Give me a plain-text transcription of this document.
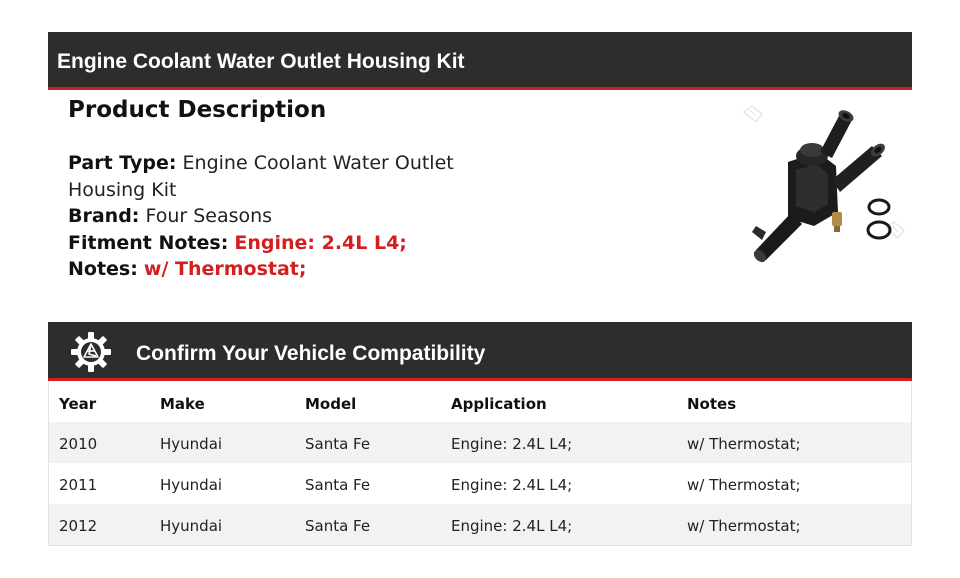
Engine Coolant Water Outlet Housing Kit
Product Description
Part Type: Engine Coolant Water Outlet
Housing Kit
Brand: Four Seasons
Fitment Notes: Engine: 2.4L L4;
Notes: w/ Thermostat;
Confirm Your Vehicle Compatibility
Year	Make	Model	Application	Notes
2010	Hyundai	Santa Fe	Engine: 2.4L L4;	w/ Thermostat;
2011	Hyundai	Santa Fe	Engine: 2.4L L4;	w/ Thermostat;
2012	Hyundai	Santa Fe	Engine: 2.4L L4;	w/ Thermostat;
